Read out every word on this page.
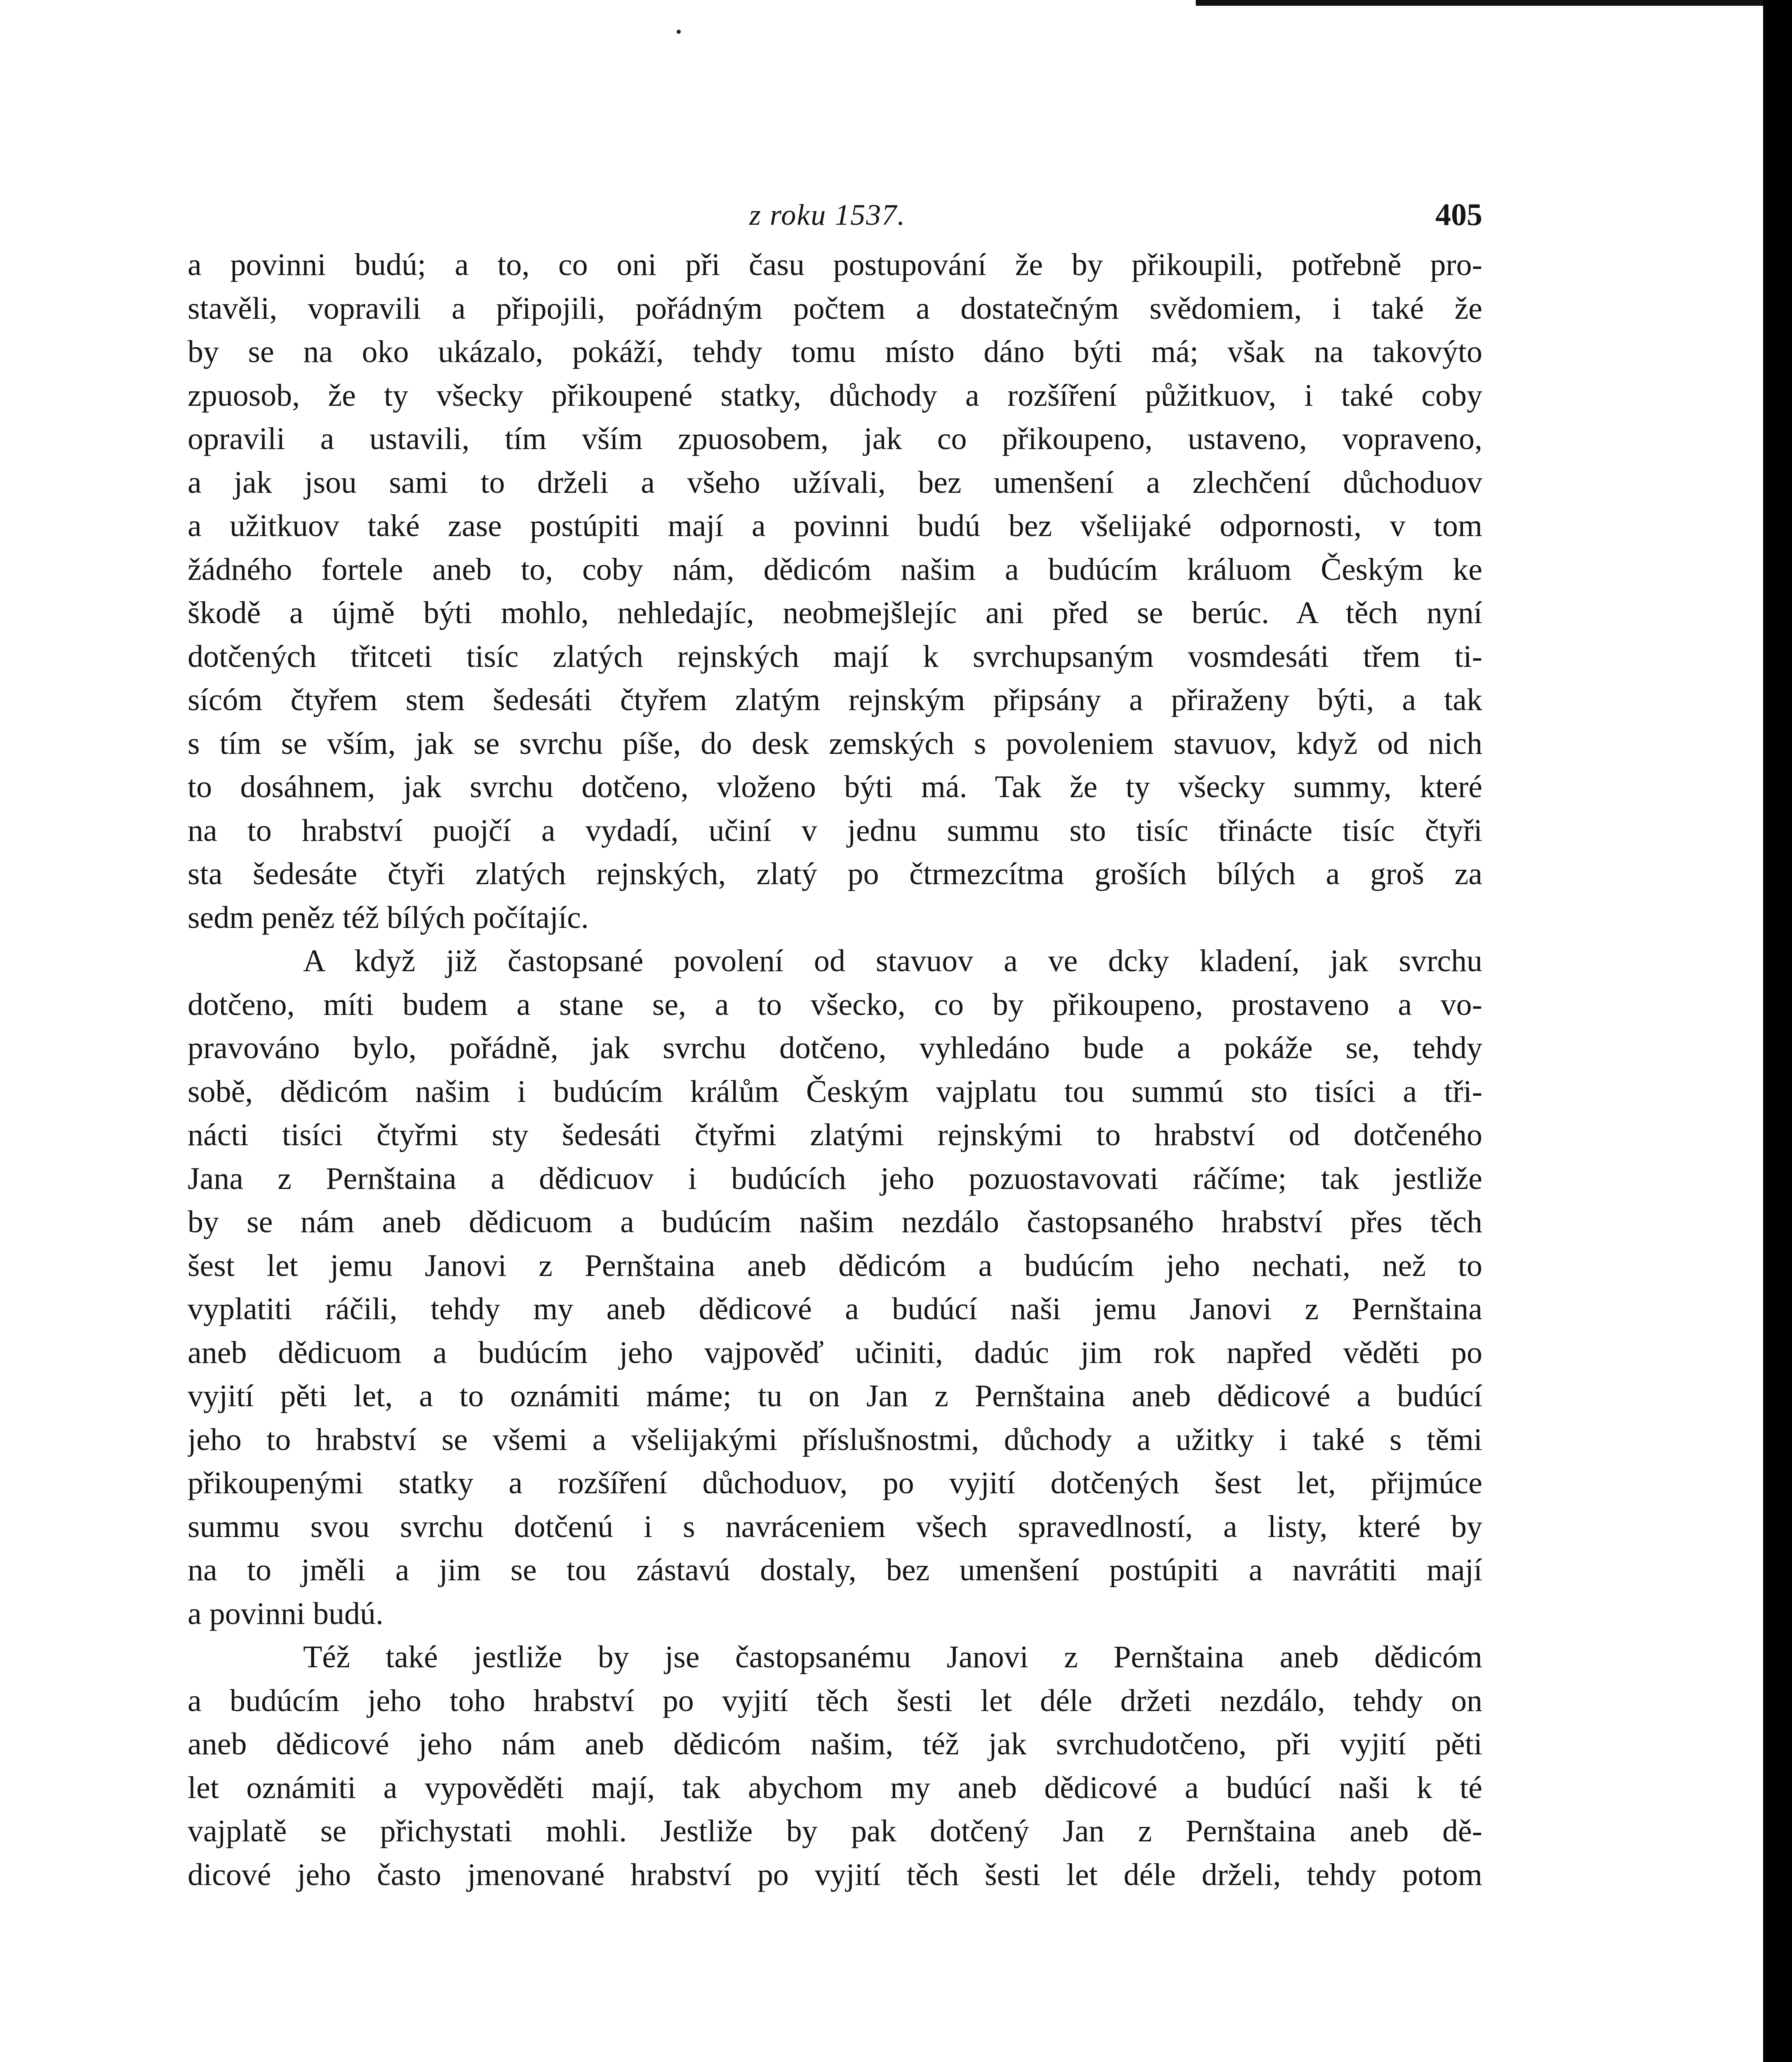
z roku 1537.	405
a povinni budú; a to, co oni při času postupování že by přikoupili, potřebně pro-
stavěli, vopravili a připojili, pořádným počtem a dostatečným svědomiem, i také že
by se na oko ukázalo, pokáží, tehdy tomu místo dáno býti má; však na takovýto
zpuosob, že ty všecky přikoupené statky, důchody a rozšíření půžitkuov, i také coby
opravili a ustavili, tím vším zpuosobem, jak co přikoupeno, ustaveno, vopraveno,
a jak jsou sami to drželi a všeho užívali, bez umenšení a zlechčení důchoduov
a užitkuov také zase postúpiti mají a povinni budú bez všelijaké odpornosti, v tom
žádného fortele aneb to, coby nám, dědicóm našim a budúcím králuom Českým ke
škodě a újmě býti mohlo, nehledajíc, neobmejšlejíc ani před se berúc. A těch nyní
dotčených třitceti tisíc zlatých rejnských mají k svrchupsaným vosmdesáti třem ti-
sícóm čtyřem stem šedesáti čtyřem zlatým rejnským připsány a přiraženy býti, a tak
s tím se vším, jak se svrchu píše, do desk zemských s povoleniem stavuov, když od nich
to dosáhnem, jak svrchu dotčeno, vloženo býti má. Tak že ty všecky summy, které
na to hrabství puojčí a vydadí, učiní v jednu summu sto tisíc třinácte tisíc čtyři
sta šedesáte čtyři zlatých rejnských, zlatý po čtrmezcítma groších bílých a groš za
sedm peněz též bílých počítajíc.
A když již častopsané povolení od stavuov a ve dcky kladení, jak svrchu
dotčeno, míti budem a stane se, a to všecko, co by přikoupeno, prostaveno a vo-
pravováno bylo, pořádně, jak svrchu dotčeno, vyhledáno bude a pokáže se, tehdy
sobě, dědicóm našim i budúcím králům Českým vajplatu tou summú sto tisíci a tři-
nácti tisíci čtyřmi sty šedesáti čtyřmi zlatými rejnskými to hrabství od dotčeného
Jana z Pernštaina a dědicuov i budúcích jeho pozuostavovati ráčíme; tak jestliže
by se nám aneb dědicuom a budúcím našim nezdálo častopsaného hrabství přes těch
šest let jemu Janovi z Pernštaina aneb dědicóm a budúcím jeho nechati, než to
vyplatiti ráčili, tehdy my aneb dědicové a budúcí naši jemu Janovi z Pernštaina
aneb dědicuom a budúcím jeho vajpověď učiniti, dadúc jim rok napřed věděti po
vyjití pěti let, a to oznámiti máme; tu on Jan z Pernštaina aneb dědicové a budúcí
jeho to hrabství se všemi a všelijakými příslušnostmi, důchody a užitky i také s těmi
přikoupenými statky a rozšíření důchoduov, po vyjití dotčených šest let, přijmúce
summu svou svrchu dotčenú i s navráceniem všech spravedlností, a listy, které by
na to jměli a jim se tou zástavú dostaly, bez umenšení postúpiti a navrátiti mají
a povinni budú.
Též také jestliže by jse častopsanému Janovi z Pernštaina aneb dědicóm
a budúcím jeho toho hrabství po vyjití těch šesti let déle držeti nezdálo, tehdy on
aneb dědicové jeho nám aneb dědicóm našim, též jak svrchudotčeno, při vyjití pěti
let oznámiti a vypověděti mají, tak abychom my aneb dědicové a budúcí naši k té
vajplatě se přichystati mohli. Jestliže by pak dotčený Jan z Pernštaina aneb dě-
dicové jeho často jmenované hrabství po vyjití těch šesti let déle drželi, tehdy potom
